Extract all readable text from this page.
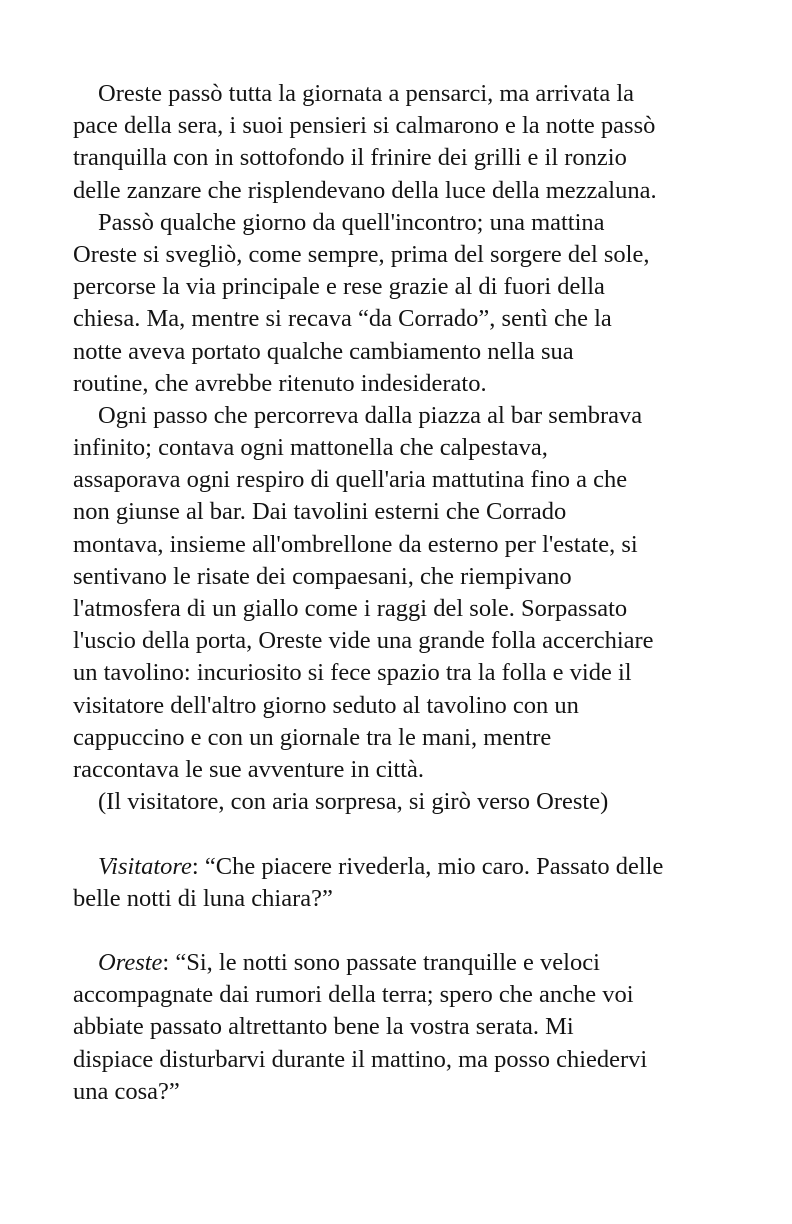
Oreste passò tutta la giornata a pensarci, ma arrivata la
pace della sera, i suoi pensieri si calmarono e la notte passò
tranquilla con in sottofondo il frinire dei grilli e il ronzio
delle zanzare che risplendevano della luce della mezzaluna.
Passò qualche giorno da quell'incontro; una mattina
Oreste si svegliò, come sempre, prima del sorgere del sole,
percorse la via principale e rese grazie al di fuori della
chiesa. Ma, mentre si recava “da Corrado”, sentì che la
notte aveva portato qualche cambiamento nella sua
routine, che avrebbe ritenuto indesiderato.
Ogni passo che percorreva dalla piazza al bar sembrava
infinito; contava ogni mattonella che calpestava,
assaporava ogni respiro di quell'aria mattutina fino a che
non giunse al bar. Dai tavolini esterni che Corrado
montava, insieme all'ombrellone da esterno per l'estate, si
sentivano le risate dei compaesani, che riempivano
l'atmosfera di un giallo come i raggi del sole. Sorpassato
l'uscio della porta, Oreste vide una grande folla accerchiare
un tavolino: incuriosito si fece spazio tra la folla e vide il
visitatore dell'altro giorno seduto al tavolino con un
cappuccino e con un giornale tra le mani, mentre
raccontava le sue avventure in città.
(Il visitatore, con aria sorpresa, si girò verso Oreste)
Visitatore: “Che piacere rivederla, mio caro. Passato delle
belle notti di luna chiara?”
Oreste: “Si, le notti sono passate tranquille e veloci
accompagnate dai rumori della terra; spero che anche voi
abbiate passato altrettanto bene la vostra serata. Mi
dispiace disturbarvi durante il mattino, ma posso chiedervi
una cosa?”
